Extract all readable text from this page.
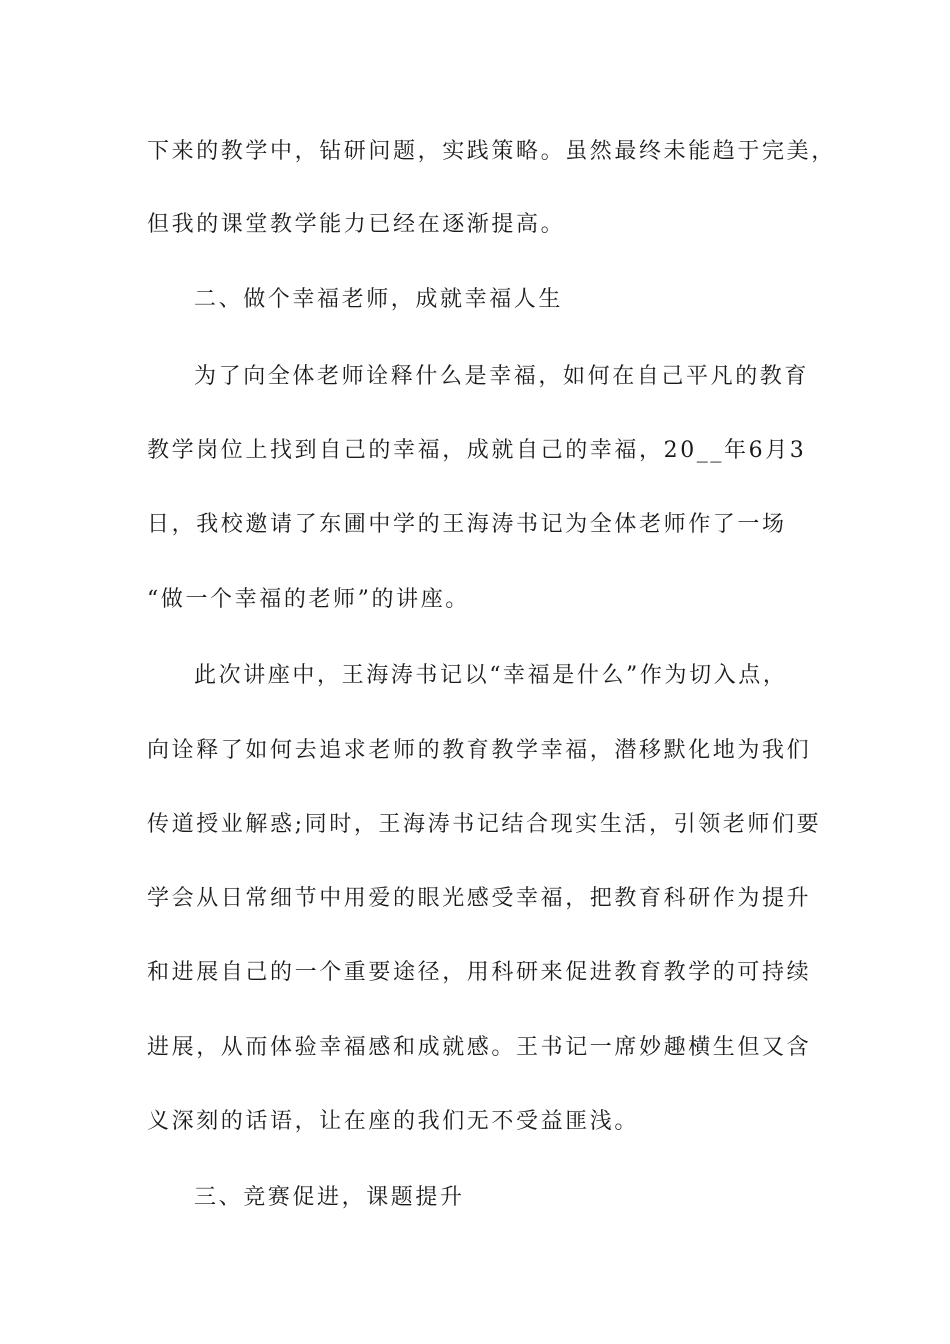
下来的教学中，钻研问题，实践策略。虽然最终未能趋于完美，
但我的课堂教学能力已经在逐渐提高。
二、做个幸福老师，成就幸福人生
为了向全体老师诠释什么是幸福，如何在自己平凡的教育
教学岗位上找到自己的幸福，成就自己的幸福，20__年6月3
日，我校邀请了东圃中学的王海涛书记为全体老师作了一场
“做一个幸福的老师”的讲座。
此次讲座中，王海涛书记以“幸福是什么”作为切入点，
向诠释了如何去追求老师的教育教学幸福，潜移默化地为我们
传道授业解惑;同时，王海涛书记结合现实生活，引领老师们要
学会从日常细节中用爱的眼光感受幸福，把教育科研作为提升
和进展自己的一个重要途径，用科研来促进教育教学的可持续
进展，从而体验幸福感和成就感。王书记一席妙趣横生但又含
义深刻的话语，让在座的我们无不受益匪浅。
三、竞赛促进，课题提升
